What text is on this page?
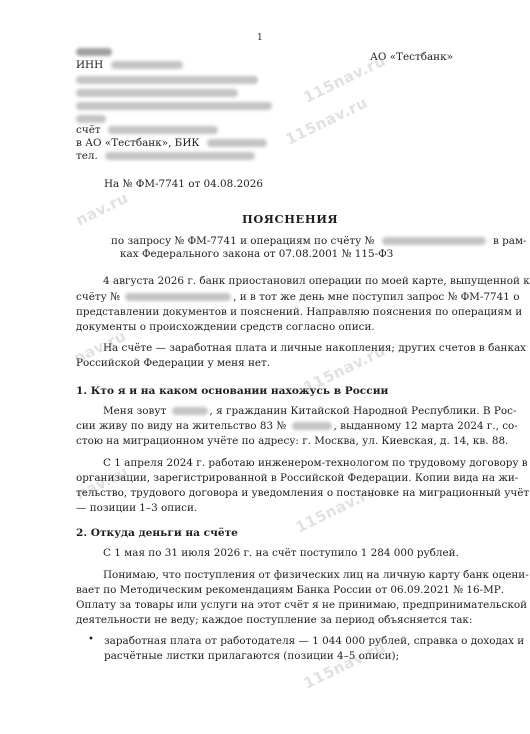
115nav.ru
nav.ru
115nav.ru
nav.ru	115nav.ru
nav.ru	115nav.ru
115nav.ru
1
ИНН
счёт
в АО «Тестбанк», БИК
тел.
АО «Тестбанк»
На № ФМ-7741 от 04.08.2026
ПОЯСНЕНИЯ
по запросу № ФМ-7741 и операциям по счёту №	в рам-
ках Федерального закона от 07.08.2001 № 115-ФЗ
4 августа 2026 г. банк приостановил операции по моей карте, выпущенной к
счёту №	, и в тот же день мне поступил запрос № ФМ-7741 о
представлении документов и пояснений. Направляю пояснения по операциям и
документы о происхождении средств согласно описи.
На счёте — заработная плата и личные накопления; других счетов в банках
Российской Федерации у меня нет.
1. Кто я и на каком основании нахожусь в России
Меня зовут	, я гражданин Китайской Народной Республики. В Рос-
сии живу по виду на жительство 83 №	, выданному 12 марта 2024 г., со-
стою на миграционном учёте по адресу: г. Москва, ул. Киевская, д. 14, кв. 88.
С 1 апреля 2024 г. работаю инженером-технологом по трудовому договору в
организации, зарегистрированной в Российской Федерации. Копии вида на жи-
тельство, трудового договора и уведомления о постановке на миграционный учёт
— позиции 1–3 описи.
2. Откуда деньги на счёте
С 1 мая по 31 июля 2026 г. на счёт поступило 1 284 000 рублей.
Понимаю, что поступления от физических лиц на личную карту банк оцени-
вает по Методическим рекомендациям Банка России от 06.09.2021 № 16-МР.
Оплату за товары или услуги на этот счёт я не принимаю, предпринимательской
деятельности не веду; каждое поступление за период объясняется так:
• заработная плата от работодателя — 1 044 000 рублей, справка о доходах и
расчётные листки прилагаются (позиции 4–5 описи);
